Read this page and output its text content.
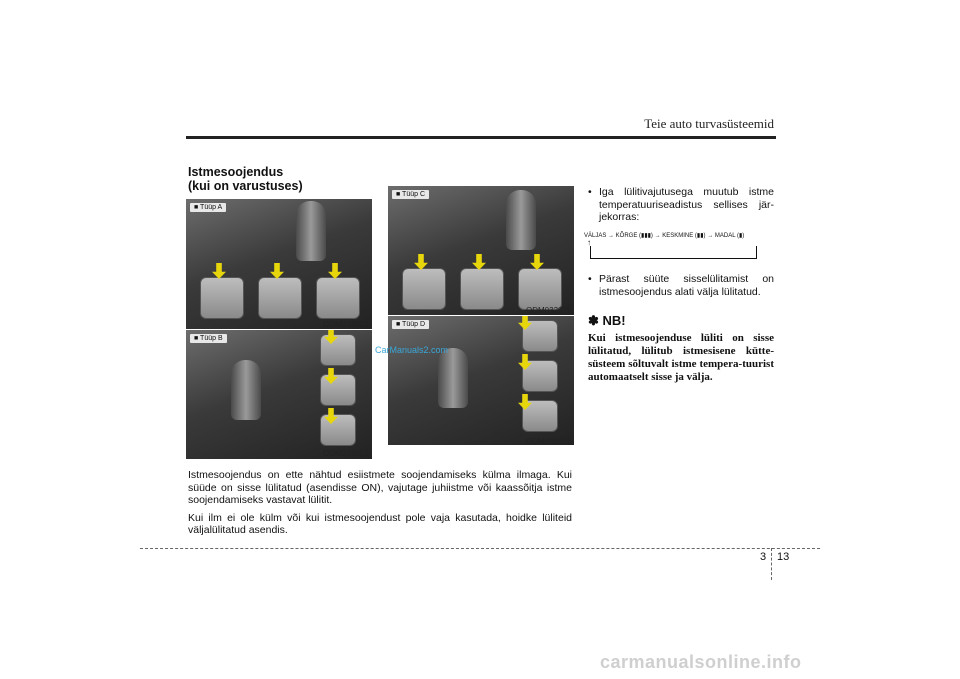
Teie auto turvasüsteemid
Istmesoojendus
(kui on varustuses)
■ Tüüp A
ODM032013
■ Tüüp B
ODM032014
■ Tüüp C
ODM032015
■ Tüüp D
ODM032016
CarManuals2.com

Istmesoojendus on ette nähtud esiistmete soojendamiseks külma ilmaga. Kui süüde on sisse lülitatud (asendisse ON), vajutage juhiistme või kaassõitja istme soojendamiseks vastavat lülitit.

Kui ilm ei ole külm või kui istmesoojendust pole vaja kasutada, hoidke lüliteid väljalülitatud asendis.

• Iga lülitivajutusega muutub istme temperatuuriseadistus sellises jär-jekorras:
VÄLJAS → KÕRGE (▮▮▮) → KESKMINE (▮▮) → MADAL (▮)
↑
• Pärast süüte sisselülitamist on istmesoojendus alati välja lülitatud.
✽ NB!
Kui istmesoojenduse lüliti on sisse lülitatud, lülitub istmesisene kütte-süsteem sõltuvalt istme tempera-tuurist automaatselt sisse ja välja.
3 13
carmanualsonline.info
